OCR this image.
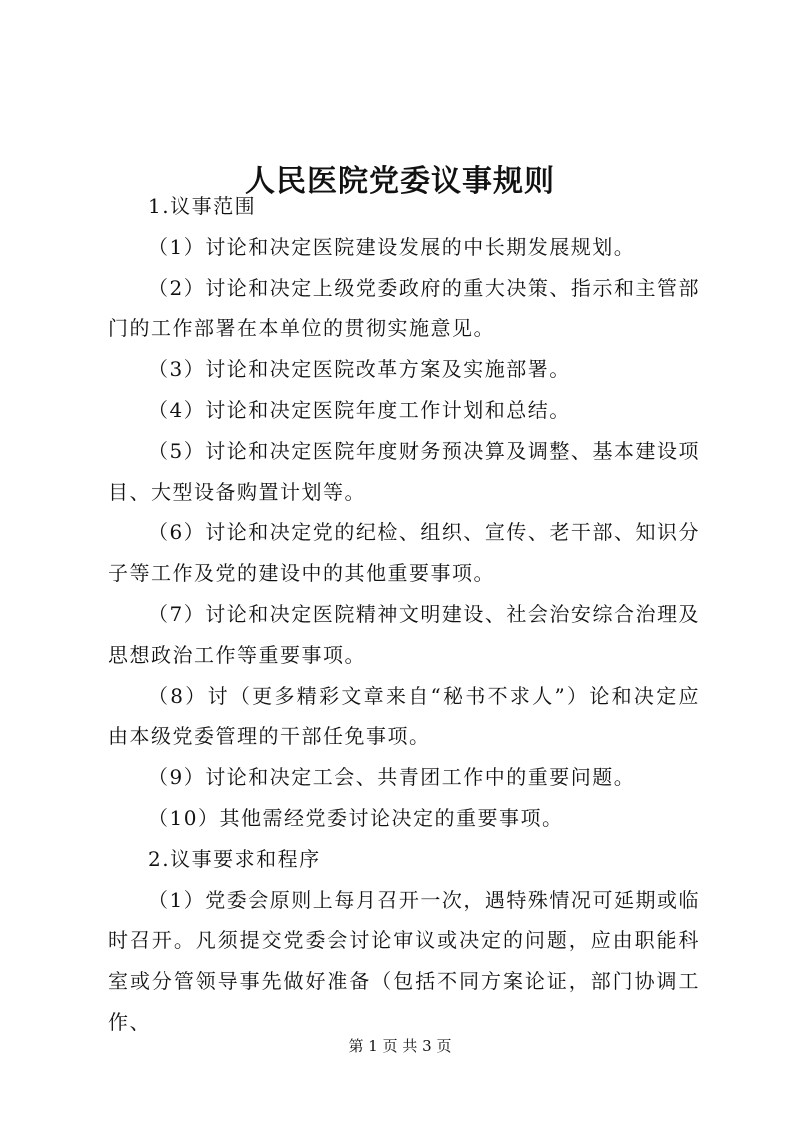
人民医院党委议事规则

1.议事范围

（1）讨论和决定医院建设发展的中长期发展规划。

（2）讨论和决定上级党委政府的重大决策、指示和主管部门的工作部署在本单位的贯彻实施意见。

（3）讨论和决定医院改革方案及实施部署。

（4）讨论和决定医院年度工作计划和总结。

（5）讨论和决定医院年度财务预决算及调整、基本建设项目、大型设备购置计划等。

（6）讨论和决定党的纪检、组织、宣传、老干部、知识分子等工作及党的建设中的其他重要事项。

（7）讨论和决定医院精神文明建设、社会治安综合治理及思想政治工作等重要事项。

（8）讨（更多精彩文章来自“秘书不求人”）论和决定应由本级党委管理的干部任免事项。

（9）讨论和决定工会、共青团工作中的重要问题。

（10）其他需经党委讨论决定的重要事项。

2.议事要求和程序

（1）党委会原则上每月召开一次，遇特殊情况可延期或临时召开。凡须提交党委会讨论审议或决定的问题，应由职能科室或分管领导事先做好准备（包括不同方案论证，部门协调工作、

第 1 页 共 3 页
